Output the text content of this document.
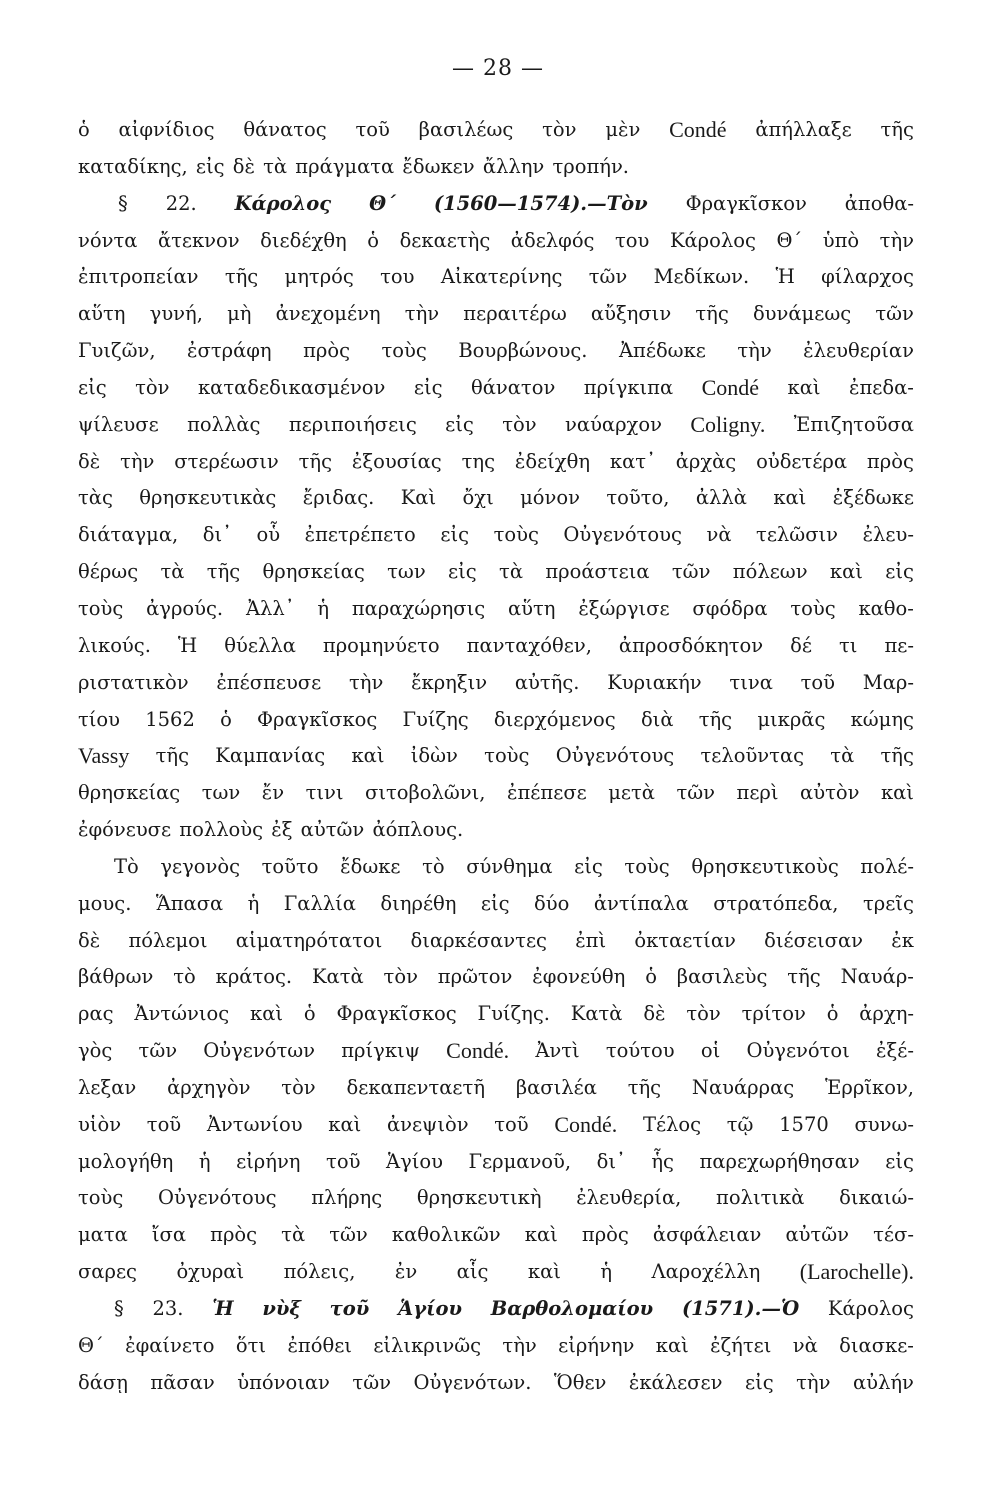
— 28 —
ὁ αἰφνίδιος θάνατος τοῦ βασιλέως τὸν μὲν Condé ἀπήλλαξε τῆς
καταδίκης, εἰς δὲ τὰ πράγματα ἔδωκεν ἄλλην τροπήν.
§ 22. Κάρολος Θ΄ (1560—1574).—Τὸν Φραγκῖσκον ἀποθα-
νόντα ἄτεκνον διεδέχθη ὁ δεκαετὴς ἀδελφός του Κάρολος Θ΄ ὑπὸ τὴν
ἐπιτροπείαν τῆς μητρός του Αἰκατερίνης τῶν Μεδίκων. Ἡ φίλαρχος
αὕτη γυνή, μὴ ἀνεχομένη τὴν περαιτέρω αὔξησιν τῆς δυνάμεως τῶν
Γυιζῶν, ἐστράφη πρὸς τοὺς Βουρβώνους. Ἀπέδωκε τὴν ἐλευθερίαν
εἰς τὸν καταδεδικασμένον εἰς θάνατον πρίγκιπα Condé καὶ ἐπεδα-
ψίλευσε πολλὰς περιποιήσεις εἰς τὸν ναύαρχον Coligny. Ἐπιζητοῦσα
δὲ τὴν στερέωσιν τῆς ἐξουσίας της ἐδείχθη κατ᾽ ἀρχὰς οὐδετέρα πρὸς
τὰς θρησκευτικὰς ἔριδας. Καὶ ὄχι μόνον τοῦτο, ἀλλὰ καὶ ἐξέδωκε
διάταγμα, δι᾽ οὗ ἐπετρέπετο εἰς τοὺς Οὐγενότους νὰ τελῶσιν ἐλευ-
θέρως τὰ τῆς θρησκείας των εἰς τὰ προάστεια τῶν πόλεων καὶ εἰς
τοὺς ἀγρούς. Ἀλλ᾽ ἡ παραχώρησις αὕτη ἐξώργισε σφόδρα τοὺς καθο-
λικούς. Ἡ θύελλα προμηνύετο πανταχόθεν, ἀπροσδόκητον δέ τι πε-
ριστατικὸν ἐπέσπευσε τὴν ἔκρηξιν αὐτῆς. Κυριακήν τινα τοῦ Μαρ-
τίου 1562 ὁ Φραγκῖσκος Γυίζης διερχόμενος διὰ τῆς μικρᾶς κώμης
Vassy τῆς Καμπανίας καὶ ἰδὼν τοὺς Οὐγενότους τελοῦντας τὰ τῆς
θρησκείας των ἔν τινι σιτοβολῶνι, ἐπέπεσε μετὰ τῶν περὶ αὐτὸν καὶ
ἐφόνευσε πολλοὺς ἐξ αὐτῶν ἀόπλους.
Τὸ γεγονὸς τοῦτο ἔδωκε τὸ σύνθημα εἰς τοὺς θρησκευτικοὺς πολέ-
μους. Ἅπασα ἡ Γαλλία διηρέθη εἰς δύο ἀντίπαλα στρατόπεδα, τρεῖς
δὲ πόλεμοι αἱματηρότατοι διαρκέσαντες ἐπὶ ὀκταετίαν διέσεισαν ἐκ
βάθρων τὸ κράτος. Κατὰ τὸν πρῶτον ἐφονεύθη ὁ βασιλεὺς τῆς Ναυάρ-
ρας Ἀντώνιος καὶ ὁ Φραγκῖσκος Γυίζης. Κατὰ δὲ τὸν τρίτον ὁ ἀρχη-
γὸς τῶν Οὐγενότων πρίγκιψ Condé. Ἀντὶ τούτου οἱ Οὐγενότοι ἐξέ-
λεξαν ἀρχηγὸν τὸν δεκαπενταετῆ βασιλέα τῆς Ναυάρρας Ἑρρῖκον,
υἱὸν τοῦ Ἀντωνίου καὶ ἀνεψιὸν τοῦ Condé. Τέλος τῷ 1570 συνω-
μολογήθη ἡ εἰρήνη τοῦ Ἁγίου Γερμανοῦ, δι᾽ ἧς παρεχωρήθησαν εἰς
τοὺς Οὐγενότους πλήρης θρησκευτικὴ ἐλευθερία, πολιτικὰ δικαιώ-
ματα ἴσα πρὸς τὰ τῶν καθολικῶν καὶ πρὸς ἀσφάλειαν αὐτῶν τέσ-
σαρες ὀχυραὶ πόλεις, ἐν αἷς καὶ ἡ Λαροχέλλη (Larochelle).
§ 23. Ἡ νὺξ τοῦ Ἁγίου Βαρθολομαίου (1571).—Ὁ Κάρολος
Θ΄ ἐφαίνετο ὅτι ἐπόθει εἰλικρινῶς τὴν εἰρήνην καὶ ἐζήτει νὰ διασκε-
δάσῃ πᾶσαν ὑπόνοιαν τῶν Οὐγενότων. Ὅθεν ἐκάλεσεν εἰς τὴν αὐλήν
